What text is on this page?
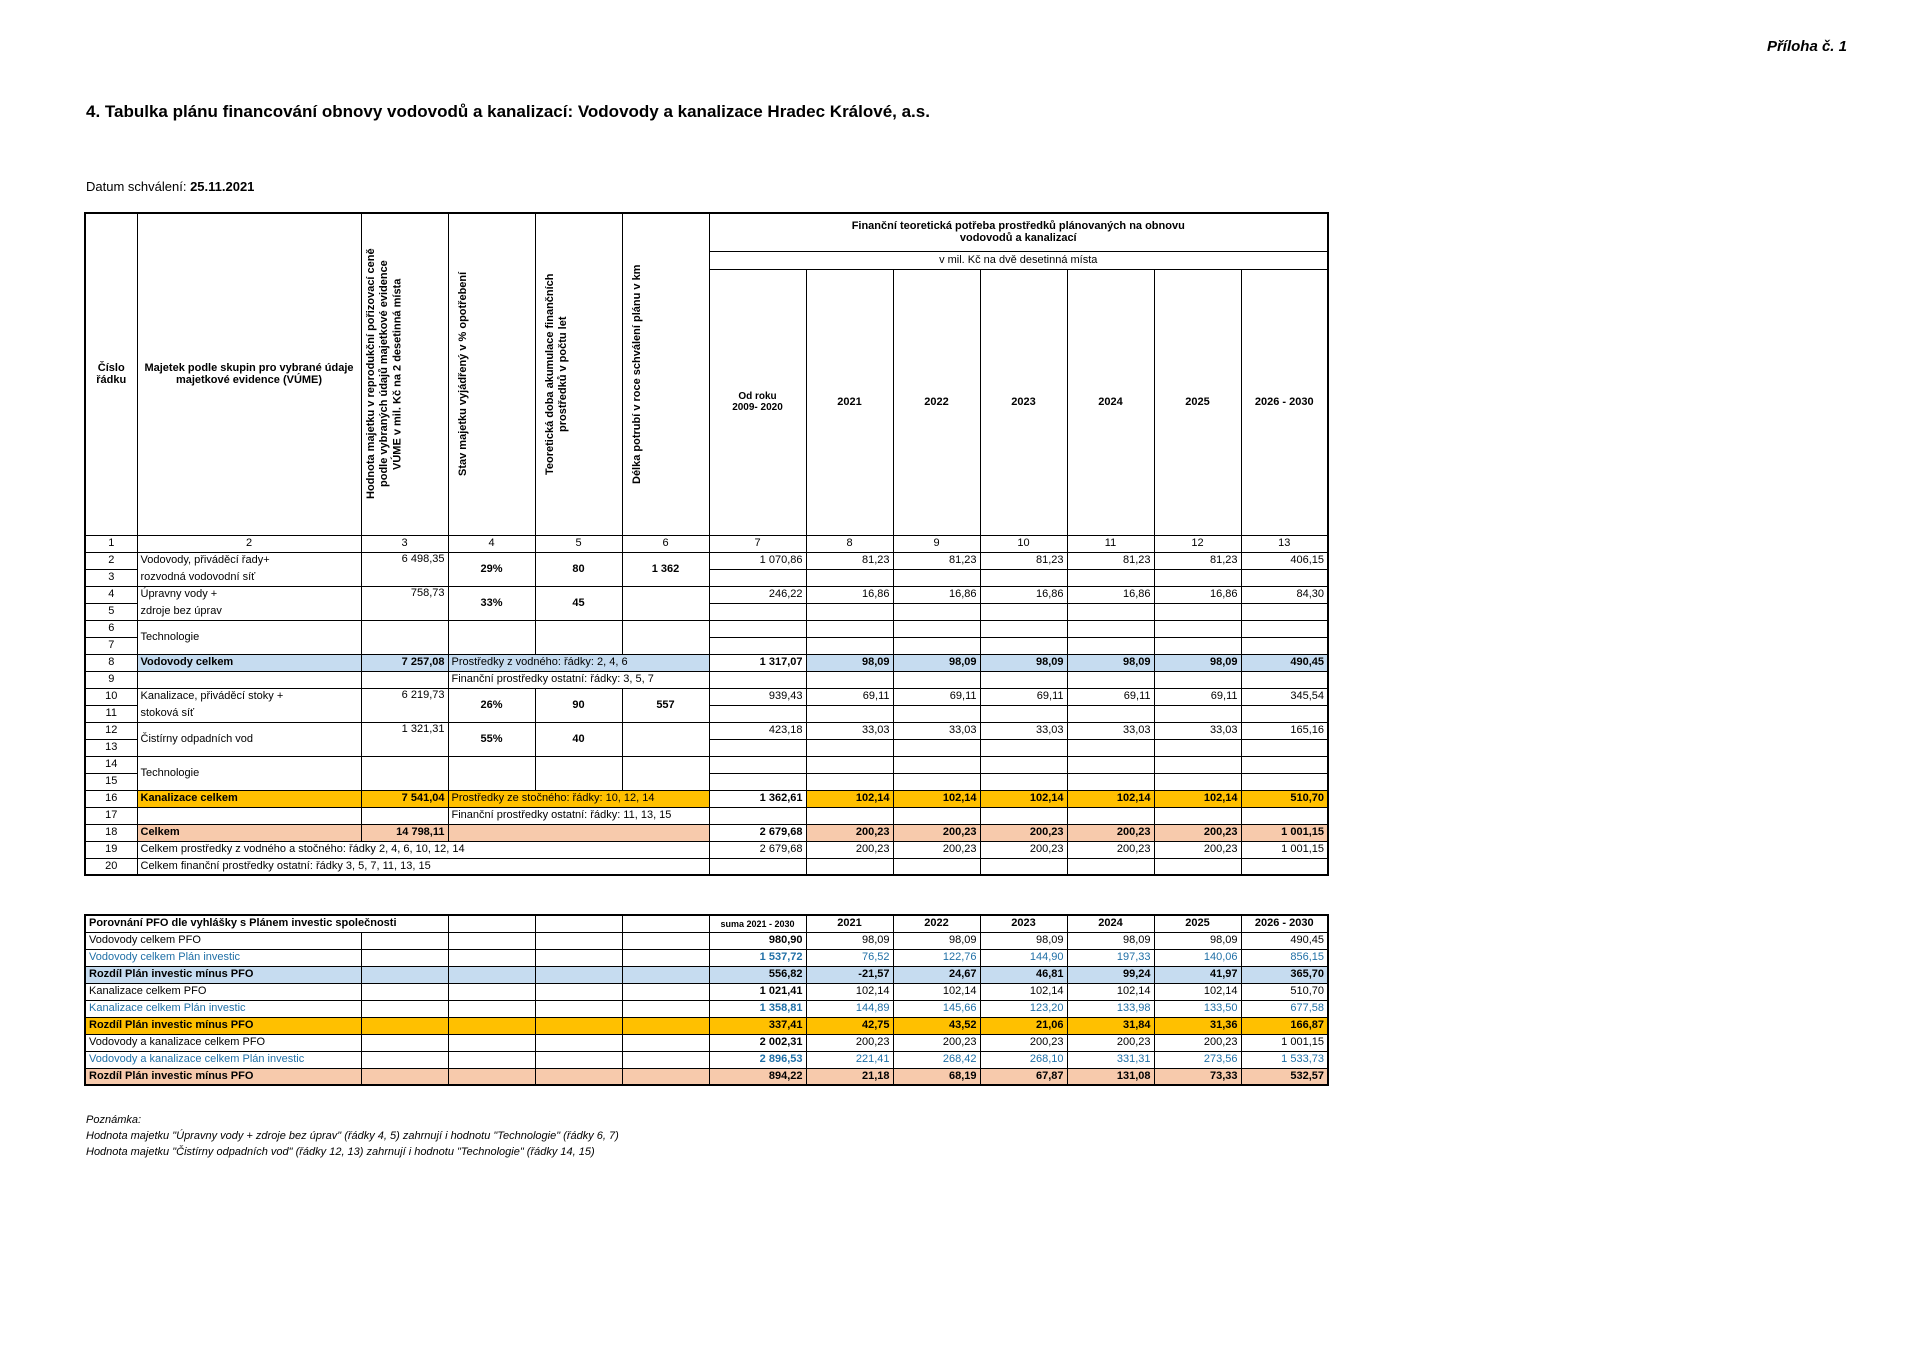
Příloha č. 1
4. Tabulka plánu financování obnovy vodovodů a kanalizací: Vodovody a kanalizace Hradec Králové, a.s.
Datum schválení: 25.11.2021
Číslo řádku	Majetek podle skupin pro vybrané údaje majetkové evidence (VÚME)	Hodnota majetku v reprodukční pořizovací ceně podle vybraných údajů majetkové evidence VÚME v mil. Kč na 2 desetinná místa	Stav majetku vyjádřený v % opotřebení	Teoretická doba akumulace finančních prostředků v počtu let	Délka potrubí v roce schválení plánu v km	Finanční teoretická potřeba prostředků plánovaných na obnovu vodovodů a kanalizací						
						v mil. Kč na dvě desetinná místa						
						Od roku 2009- 2020	2021	2022	2023	2024	2025	2026 - 2030
1	2	3	4	5	6	7	8	9	10	11	12	13
2	Vodovody, přiváděcí řady+	6 498,35	29%	80	1 362	1 070,86	81,23	81,23	81,23	81,23	81,23	406,15
3	rozvodná vodovodní síť											
4	Úpravny vody +	758,73	33%	45		246,22	16,86	16,86	16,86	16,86	16,86	84,30
5	zdroje bez úprav											
6	Technologie											
7												
8	Vodovody celkem	7 257,08	Prostředky z vodného: řádky: 2, 4, 6			1 317,07	98,09	98,09	98,09	98,09	98,09	490,45
9			Finanční prostředky ostatní: řádky: 3, 5, 7									
10	Kanalizace, přiváděcí stoky +	6 219,73	26%	90	557	939,43	69,11	69,11	69,11	69,11	69,11	345,54
11	stoková síť											
12	Čistírny odpadních vod	1 321,31	55%	40		423,18	33,03	33,03	33,03	33,03	33,03	165,16
13												
14	Technologie											
15												
16	Kanalizace celkem	7 541,04	Prostředky ze stočného: řádky: 10, 12, 14			1 362,61	102,14	102,14	102,14	102,14	102,14	510,70
17			Finanční prostředky ostatní: řádky: 11, 13, 15									
18	Celkem	14 798,11				2 679,68	200,23	200,23	200,23	200,23	200,23	1 001,15
19	Celkem prostředky z vodného a stočného: řádky 2, 4, 6, 10, 12, 14					2 679,68	200,23	200,23	200,23	200,23	200,23	1 001,15
20	Celkem finanční prostředky ostatní: řádky 3, 5, 7, 11, 13, 15											
Porovnání PFO dle vyhlášky s Plánem investic společnosti					suma 2021 - 2030	2021	2022	2023	2024	2025	2026 - 2030
Vodovody celkem PFO					980,90	98,09	98,09	98,09	98,09	98,09	490,45
Vodovody celkem Plán investic					1 537,72	76,52	122,76	144,90	197,33	140,06	856,15
Rozdíl Plán investic mínus PFO					556,82	-21,57	24,67	46,81	99,24	41,97	365,70
Kanalizace celkem PFO					1 021,41	102,14	102,14	102,14	102,14	102,14	510,70
Kanalizace celkem Plán investic					1 358,81	144,89	145,66	123,20	133,98	133,50	677,58
Rozdíl Plán investic mínus PFO					337,41	42,75	43,52	21,06	31,84	31,36	166,87
Vodovody a kanalizace celkem PFO					2 002,31	200,23	200,23	200,23	200,23	200,23	1 001,15
Vodovody a kanalizace celkem Plán investic					2 896,53	221,41	268,42	268,10	331,31	273,56	1 533,73
Rozdíl Plán investic mínus PFO					894,22	21,18	68,19	67,87	131,08	73,33	532,57
Poznámka:
Hodnota majetku "Úpravny vody + zdroje bez úprav" (řádky 4, 5) zahrnují i hodnotu "Technologie" (řádky 6, 7)
Hodnota majetku "Čistírny odpadních vod" (řádky 12, 13) zahrnují i hodnotu "Technologie" (řádky 14, 15)
